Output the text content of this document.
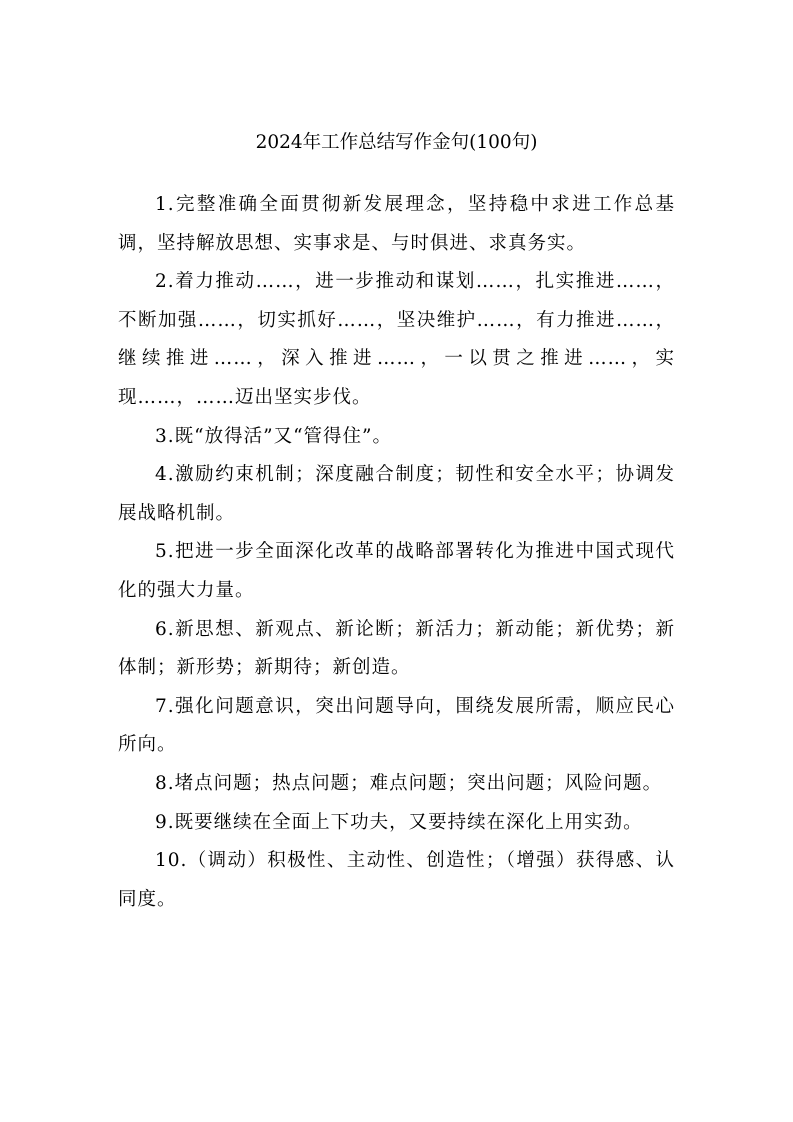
2024年工作总结写作金句(100句)

1.完整准确全面贯彻新发展理念，坚持稳中求进工作总基调，坚持解放思想、实事求是、与时俱进、求真务实。

2.着力推动……，进一步推动和谋划……，扎实推进……，不断加强……，切实抓好……，坚决维护……，有力推进……，继续推进……，深入推进……，一以贯之推进……，实现……，……迈出坚实步伐。

3.既“放得活”又“管得住”。

4.激励约束机制；深度融合制度；韧性和安全水平；协调发展战略机制。

5.把进一步全面深化改革的战略部署转化为推进中国式现代化的强大力量。

6.新思想、新观点、新论断；新活力；新动能；新优势；新体制；新形势；新期待；新创造。

7.强化问题意识，突出问题导向，围绕发展所需，顺应民心所向。

8.堵点问题；热点问题；难点问题；突出问题；风险问题。

9.既要继续在全面上下功夫，又要持续在深化上用实劲。

10.（调动）积极性、主动性、创造性；（增强）获得感、认同度。
